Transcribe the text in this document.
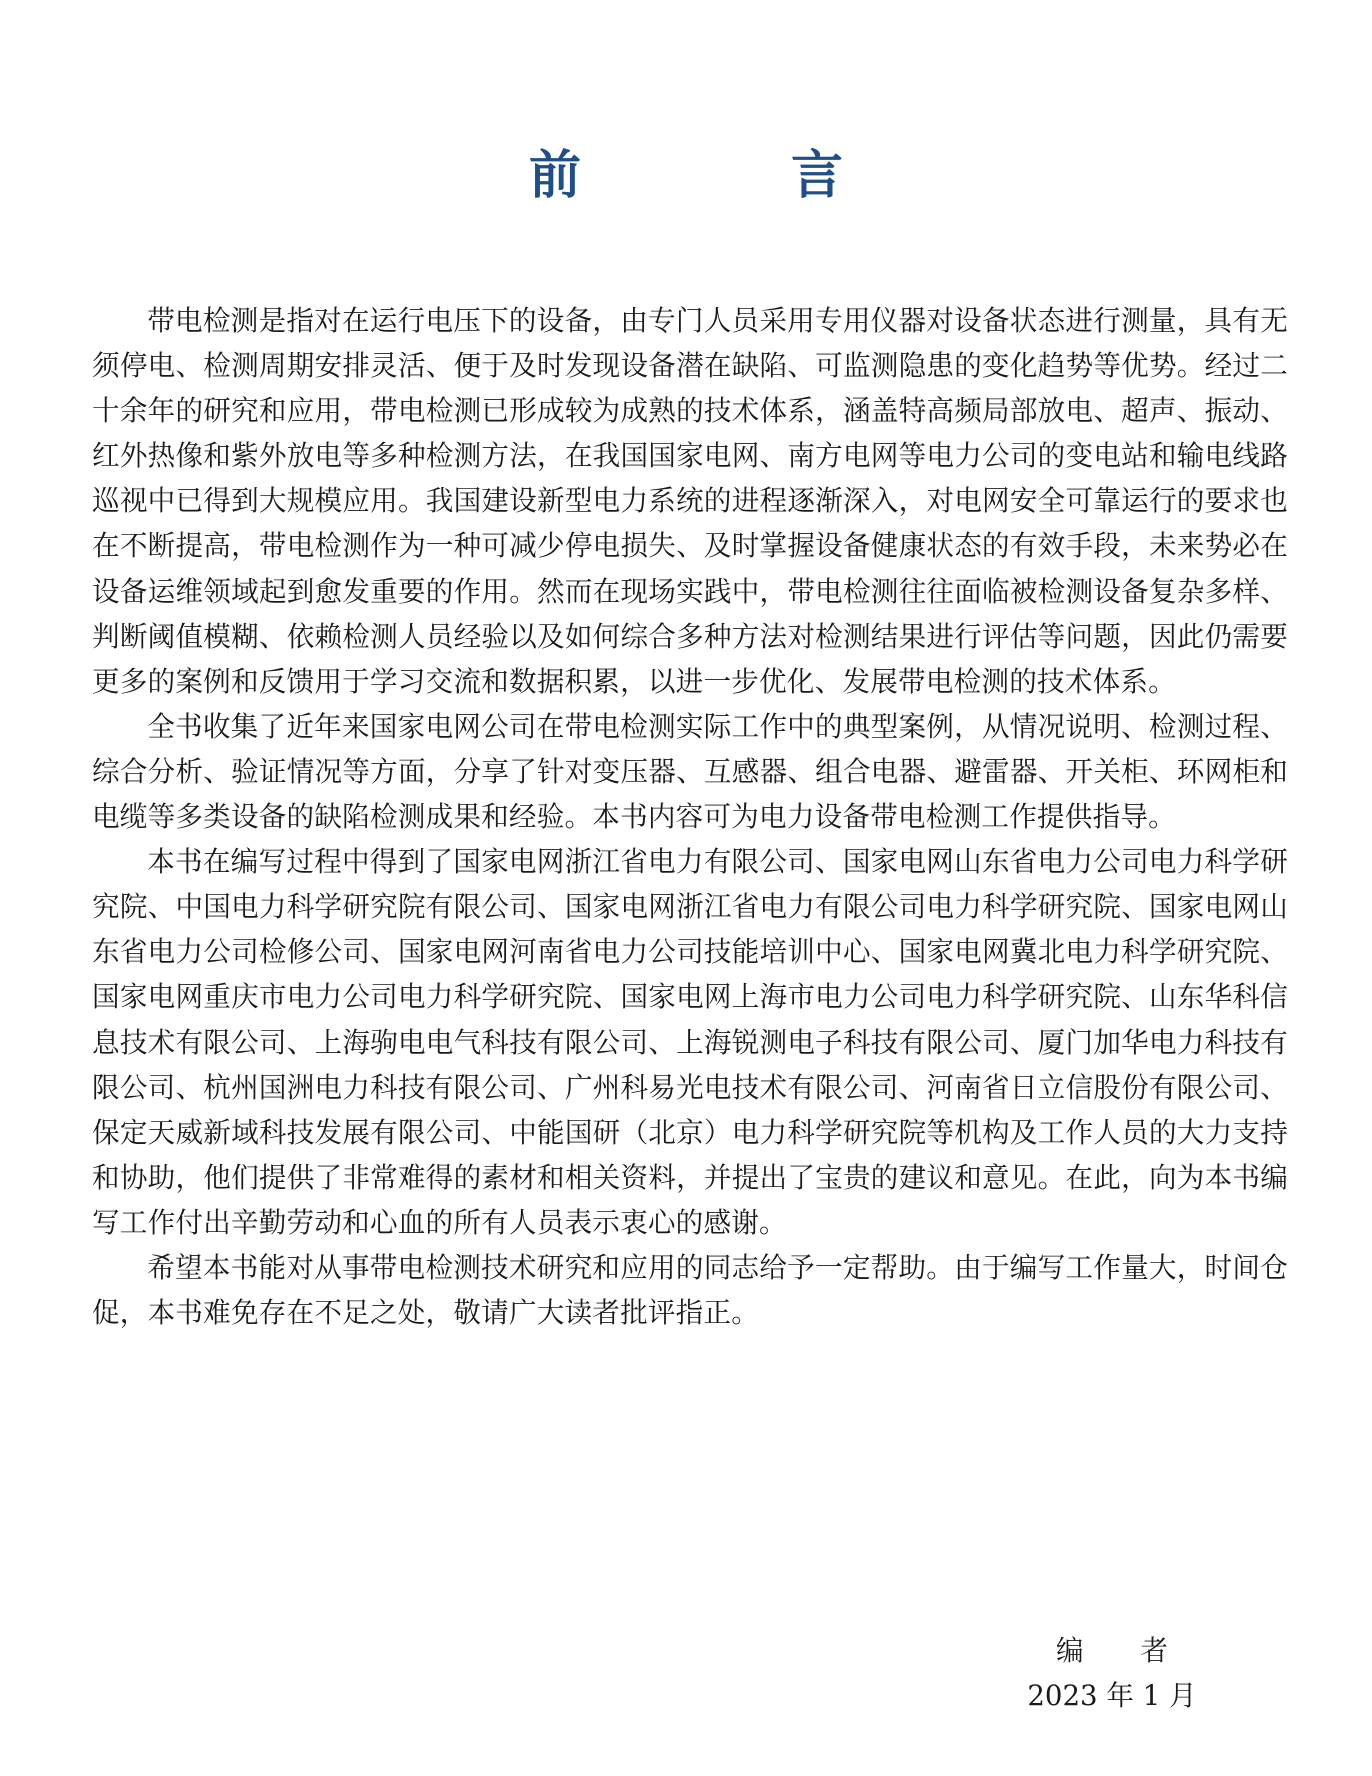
前 言

带电检测是指对在运行电压下的设备，由专门人员采用专用仪器对设备状态进行测量，具有无须停电、检测周期安排灵活、便于及时发现设备潜在缺陷、可监测隐患的变化趋势等优势。经过二十余年的研究和应用，带电检测已形成较为成熟的技术体系，涵盖特高频局部放电、超声、振动、红外热像和紫外放电等多种检测方法，在我国国家电网、南方电网等电力公司的变电站和输电线路巡视中已得到大规模应用。我国建设新型电力系统的进程逐渐深入，对电网安全可靠运行的要求也在不断提高，带电检测作为一种可减少停电损失、及时掌握设备健康状态的有效手段，未来势必在设备运维领域起到愈发重要的作用。然而在现场实践中，带电检测往往面临被检测设备复杂多样、判断阈值模糊、依赖检测人员经验以及如何综合多种方法对检测结果进行评估等问题，因此仍需要更多的案例和反馈用于学习交流和数据积累，以进一步优化、发展带电检测的技术体系。

全书收集了近年来国家电网公司在带电检测实际工作中的典型案例，从情况说明、检测过程、综合分析、验证情况等方面，分享了针对变压器、互感器、组合电器、避雷器、开关柜、环网柜和电缆等多类设备的缺陷检测成果和经验。本书内容可为电力设备带电检测工作提供指导。

本书在编写过程中得到了国家电网浙江省电力有限公司、国家电网山东省电力公司电力科学研究院、中国电力科学研究院有限公司、国家电网浙江省电力有限公司电力科学研究院、国家电网山东省电力公司检修公司、国家电网河南省电力公司技能培训中心、国家电网冀北电力科学研究院、国家电网重庆市电力公司电力科学研究院、国家电网上海市电力公司电力科学研究院、山东华科信息技术有限公司、上海驹电电气科技有限公司、上海锐测电子科技有限公司、厦门加华电力科技有限公司、杭州国洲电力科技有限公司、广州科易光电技术有限公司、河南省日立信股份有限公司、保定天威新域科技发展有限公司、中能国研（北京）电力科学研究院等机构及工作人员的大力支持和协助，他们提供了非常难得的素材和相关资料，并提出了宝贵的建议和意见。在此，向为本书编写工作付出辛勤劳动和心血的所有人员表示衷心的感谢。

希望本书能对从事带电检测技术研究和应用的同志给予一定帮助。由于编写工作量大，时间仓促，本书难免存在不足之处，敬请广大读者批评指正。

编 者
2023 年 1 月
